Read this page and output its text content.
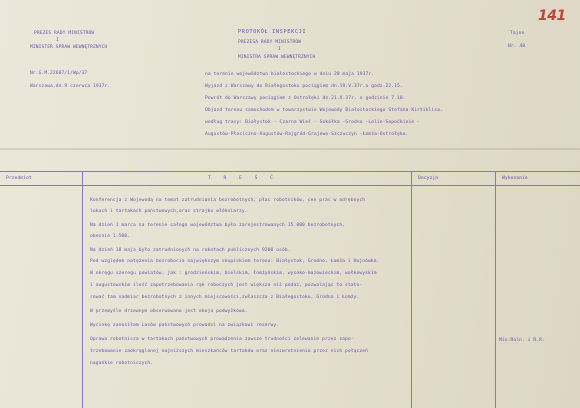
141
PREZES RADY MINISTRÓW
I
MINISTER SPRAW WEWNĘTRZNYCH
Nr.G.M.22687/1/Wp/37
Warszawa,dn.9 czerwca 1937r.
PROTOKÓŁ INSPEKCJI
PREZESA RADY MINISTRÓW
I
MINISTRA SPRAW WEWNĘTRZNYCH
Tajne
Nr. 40
na terenie województwa białostockiego w dniu 20 maja 1937r.
Wyjazd z Warszawy do Białegostoku pociągiem dn.19.V.37r.o godz.22.15.
Powrót do Warszawy pociągiem z Ostrołęki dn.21.V.37r. o godzinie 7.10.
Objazd terenu samochodem w towarzystwie Wojewody Białostockiego Stefana Kirtiklisa.
według trasy: Białystok - Czarna Wieś - Sokółka -Grodno -Lelin-Sopoćkinie -
Augustów-Płociczno-Augustów-Rajgród-Grajewo-Szczuczyn -Łomża-Ostrołęka.
Przedmiot	T R E Ś Ć	Decyzja	Wykonanie
Konferencja z Wojewodą na temat zatrudniania bezrobotnych, płac robotników, cen prac w odrębnych
lokach i tartakach państwowych,oraz strajku włókniarzy.
Na dzień 1 marca na terenie całego województwa było zarejestrowanych 15.000 bezrobotnych,
obecnie 1.500.
Na dzień 18 maja było zatrudnionych na robotach publicznych 9200 osób.
Pod względem natężenia bezrobocia największym skupiskiem terenu: Białystok, Grodno, Łomża i Hajnówka.
W okręgu szeregu powiatów, jak : grodzieńskim, bielskim, łomżyńskim, wysoko-mazowieckim, wołkowyskim
i augustowskim ilość zapotrzebowania rąk roboczych jest większa niż podaż, pozwalając to stato-
rować tam nadmiar bezrobotnych z innych miejscowości,zwłaszcza z Białegostoku, Grodna i Łomży.
W przemyśle drzewnym obserwowano jest okoja podwyżkowa.
Wycinkę zanosiłam Lasów państwowych prowadzi na związkowi rezerwy.
Oprawa robotnicza w tartakach państwowych prowadzenia zawsze trudności zelewanie przez zapo-
trzebowanie zaokrąglonej najniższych mieszkańców tartaków oraz niezwrotnienia przez nich połączeń
nagańkie robotniczych.
Min.Roln. i R.R.
